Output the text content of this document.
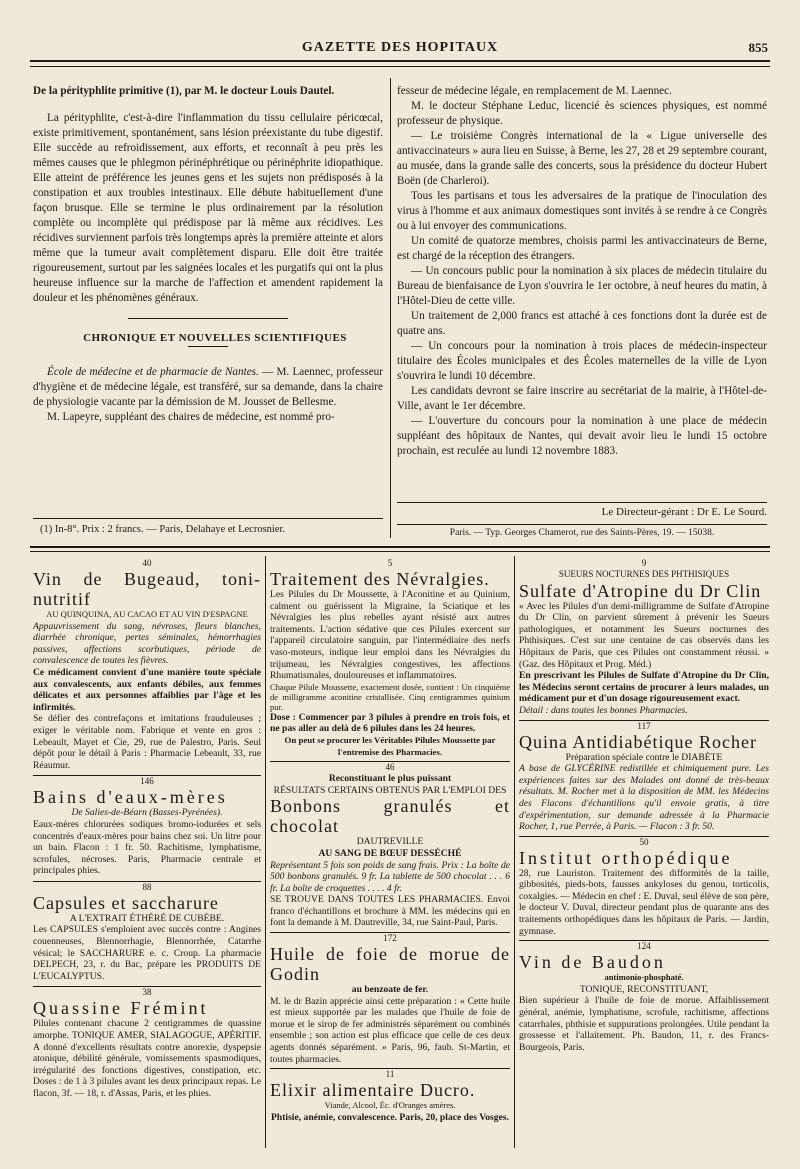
GAZETTE DES HOPITAUX	855

De la pérityphlite primitive (1), par M. le docteur Louis Dautel.

La pérityphlite, c'est-à-dire l'inflammation du tissu cellulaire péricœcal, existe primitivement, spontanément, sans lésion préexistante du tube digestif. Elle succède au refroidissement, aux efforts, et reconnaît à peu près les mêmes causes que le phlegmon périnéphrétique ou périnéphrite idiopathique. Elle atteint de préférence les jeunes gens et les sujets non prédisposés à la constipation et aux troubles intestinaux. Elle débute habituellement d'une façon brusque. Elle se termine le plus ordinairement par la résolution complète ou incomplète qui prédispose par là même aux récidives. Les récidives surviennent parfois très longtemps après la première atteinte et alors même que la tumeur avait complètement disparu. Elle doit être traitée rigoureusement, surtout par les saignées locales et les purgatifs qui ont la plus heureuse influence sur la marche de l'affection et amendent rapidement la douleur et les phénomènes généraux.

CHRONIQUE ET NOUVELLES SCIENTIFIQUES

École de médecine et de pharmacie de Nantes. — M. Laennec, professeur d'hygiène et de médecine légale, est transféré, sur sa demande, dans la chaire de physiologie vacante par la démission de M. Jousset de Bellesme.

M. Lapeyre, suppléant des chaires de médecine, est nommé pro-

(1) In-8°. Prix : 2 francs. — Paris, Delahaye et Lecrosnier.

fesseur de médecine légale, en remplacement de M. Laennec.

M. le docteur Stéphane Leduc, licencié ès sciences physiques, est nommé professeur de physique.

— Le troisième Congrès international de la « Ligue universelle des antivaccinateurs » aura lieu en Suisse, à Berne, les 27, 28 et 29 septembre courant, au musée, dans la grande salle des concerts, sous la présidence du docteur Hubert Boën (de Charleroi).

Tous les partisans et tous les adversaires de la pratique de l'inoculation des virus à l'homme et aux animaux domestiques sont invités à se rendre à ce Congrès ou à lui envoyer des communications.

Un comité de quatorze membres, choisis parmi les antivaccinateurs de Berne, est chargé de la réception des étrangers.

— Un concours public pour la nomination à six places de médecin titulaire du Bureau de bienfaisance de Lyon s'ouvrira le 1er octobre, à neuf heures du matin, à l'Hôtel-Dieu de cette ville.

Un traitement de 2,000 francs est attaché à ces fonctions dont la durée est de quatre ans.

— Un concours pour la nomination à trois places de médecin-inspecteur titulaire des Écoles municipales et des Écoles maternelles de la ville de Lyon s'ouvrira le lundi 10 décembre.

Les candidats devront se faire inscrire au secrétariat de la mairie, à l'Hôtel-de-Ville, avant le 1er décembre.

— L'ouverture du concours pour la nomination à une place de médecin suppléant des hôpitaux de Nantes, qui devait avoir lieu le lundi 15 octobre prochain, est reculée au lundi 12 novembre 1883.

Le Directeur-gérant : Dr E. Le Sourd.
Paris. — Typ. Georges Chamerot, rue des Saints-Pères, 19. — 15038.
40

Vin de Bugeaud, toni-nutritif

AU QUINQUINA, AU CACAO ET AU VIN D'ESPAGNE

Appauvrissement du sang, névroses, fleurs blanches, diarrhée chronique, pertes séminales, hémorrhagies passives, affections scorbutiques, période de convalescence de toutes les fièvres.

Ce médicament convient d'une manière toute spéciale aux convalescents, aux enfants débiles, aux femmes délicates et aux personnes affaiblies par l'âge et les infirmités.

Se défier des contrefaçons et imitations frauduleuses ; exiger le véritable nom. Fabrique et vente en gros : Lebeault, Mayet et Cie, 29, rue de Palestro, Paris. Seul dépôt pour le détail à Paris : Pharmacie Lebeault, 33, rue Réaumur.

146

Bains d'eaux-mères

De Salies-de-Béarn (Basses-Pyrénées).

Eaux-mères chlorurées sodiques bromo-iodurées et sels concentrés d'eaux-mères pour bains chez soi. Un litre pour un bain. Flacon : 1 fr. 50. Rachitisme, lymphatisme, scrofules, nécroses. Paris, Pharmacie centrale et principales phies.

88

Capsules et saccharure

A L'EXTRAIT ÉTHÉRÉ DE CUBÈBE.

Les CAPSULES s'emploient avec succès contre : Angines couenneuses, Blennorrhagie, Blennorrhée, Catarrhe vésical; le SACCHARURE e. c. Croup. La pharmacie DELPECH, 23, r. du Bac, prépare les PRODUITS DE L'EUCALYPTUS.

38

Quassine Frémint

Pilules contenant chacune 2 centigrammes de quassine amorphe. TONIQUE AMER, SIALAGOGUE, APÉRITIF. A donné d'excellents résultats contre anorexie, dyspepsie atonique, débilité générale, vomissements spasmodiques, irrégularité des fonctions digestives, constipation, etc. Doses : de 1 à 3 pilules avant les deux principaux repas. Le flacon, 3f. — 18, r. d'Assas, Paris, et les phies.

5

Traitement des Névralgies.

Les Pilules du Dr Moussette, à l'Aconitine et au Quinium, calment ou guérissent la Migraine, la Sciatique et les Névralgies les plus rebelles ayant résisté aux autres traitements. L'action sédative que ces Pilules exercent sur l'appareil circulatoire sanguin, par l'intermédiaire des nerfs vaso-moteurs, indique leur emploi dans les Névralgies du trijumeau, les Névralgies congestives, les affections Rhumatismales, douloureuses et inflammatoires.

Chaque Pilule Moussette, exactement dosée, contient : Un cinquième de milligramme aconitine cristallisée. Cinq centigrammes quinium pur.

Dose : Commencer par 3 pilules à prendre en trois fois, et ne pas aller au delà de 6 pilules dans les 24 heures.

On peut se procurer les Véritables Pilules Moussette par l'entremise des Pharmacies.

46

Reconstituant le plus puissant

RÉSULTATS CERTAINS OBTENUS PAR L'EMPLOI DES

Bonbons granulés et chocolat

DAUTREVILLE

AU SANG DE BŒUF DESSÉCHÉ

Représentant 5 fois son poids de sang frais. Prix : La boîte de 500 bonbons granulés. 9 fr. La tablette de 500 chocolat . . . 6 fr. La boîte de croquettes . . . . 4 fr.

SE TROUVE DANS TOUTES LES PHARMACIES. Envoi franco d'échantillons et brochure à MM. les médecins qui en font la demande à M. Dautreville, 34, rue Saint-Paul, Paris.

172

Huile de foie de morue de Godin

au benzoate de fer.

M. le dr Bazin apprécie ainsi cette préparation : « Cette huile est mieux supportée par les malades que l'huile de foie de morue et le sirop de fer administrés séparément ou combinés ensemble ; son action est plus efficace que celle de ces deux agents donnés séparément. » Paris, 96, faub. St-Martin, et toutes pharmacies.

11

Elixir alimentaire Ducro.

Viande, Alcool, Éc. d'Oranges amères.

Phtisie, anémie, convalescence. Paris, 20, place des Vosges.

9

SUEURS NOCTURNES DES PHTHISIQUES

Sulfate d'Atropine du Dr Clin

« Avec les Pilules d'un demi-milligramme de Sulfate d'Atropine du Dr Clin, on parvient sûrement à prévenir les Sueurs pathologiques, et notamment les Sueurs nocturnes des Phthisiques. C'est sur une centaine de cas observés dans les Hôpitaux de Paris, que ces Pilules ont constamment réussi. » (Gaz. des Hôpitaux et Prog. Méd.)

En prescrivant les Pilules de Sulfate d'Atropine du Dr Clin, les Médecins seront certains de procurer à leurs malades, un médicament pur et d'un dosage rigoureusement exact.

Détail : dans toutes les bonnes Pharmacies.

117

Quina Antidiabétique Rocher

Préparation spéciale contre le DIABÈTE

A base de GLYCÉRINE redistillée et chimiquement pure. Les expériences faites sur des Malades ont donné de très-beaux résultats. M. Rocher met à la disposition de MM. les Médecins des Flacons d'échantillons qu'il envoie gratis, à titre d'expérimentation, sur demande adressée à la Pharmacie Rocher, 1, rue Perrée, à Paris. — Flacon : 3 fr. 50.

50

Institut orthopédique

28, rue Lauriston. Traitement des difformités de la taille, gibbosités, pieds-bots, fausses ankyloses du genou, torticolis, coxalgies. — Médecin en chef : E. Duval, seul élève de son père, le docteur V. Duval, directeur pendant plus de quarante ans des traitements orthopédiques dans les hôpitaux de Paris. — Jardin, gymnase.

124

Vin de Baudon

antimonio-phosphaté.

TONIQUE, RECONSTITUANT,

Bien supérieur à l'huile de foie de morue. Affaiblissement général, anémie, lymphatisme, scrofule, rachitisme, affections catarrhales, phthisie et suppurations prolongées. Utile pendant la grossesse et l'allaitement. Ph. Baudon, 11, r. des Francs-Bourgeois, Paris.
